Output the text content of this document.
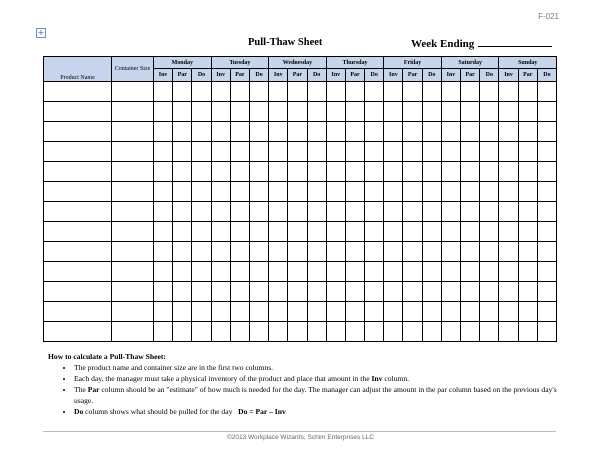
F-021
+
Pull-Thaw Sheet	Week Ending
Product Name	Container Size	Monday			Tuesday			Wednesday			Thursday			Friday			Saturday			Sunday		
		Inv	Par	Do	Inv	Par	Do	Inv	Par	Do	Inv	Par	Do	Inv	Par	Do	Inv	Par	Do	Inv	Par	Do

How to calculate a Pull-Thaw Sheet:
• The product name and container size are in the first two columns.
• Each day, the manager must take a physical inventory of the product and place that amount in the Inv column.
• The Par column should be an "estimate" of how much is needed for the day. The manager can adjust the amount in the par column based on the previous day's usage.
• Do column shows what should be pulled for the day   Do = Par – Inv
©2013 Workplace Wizards, Schim Enterprises LLC
